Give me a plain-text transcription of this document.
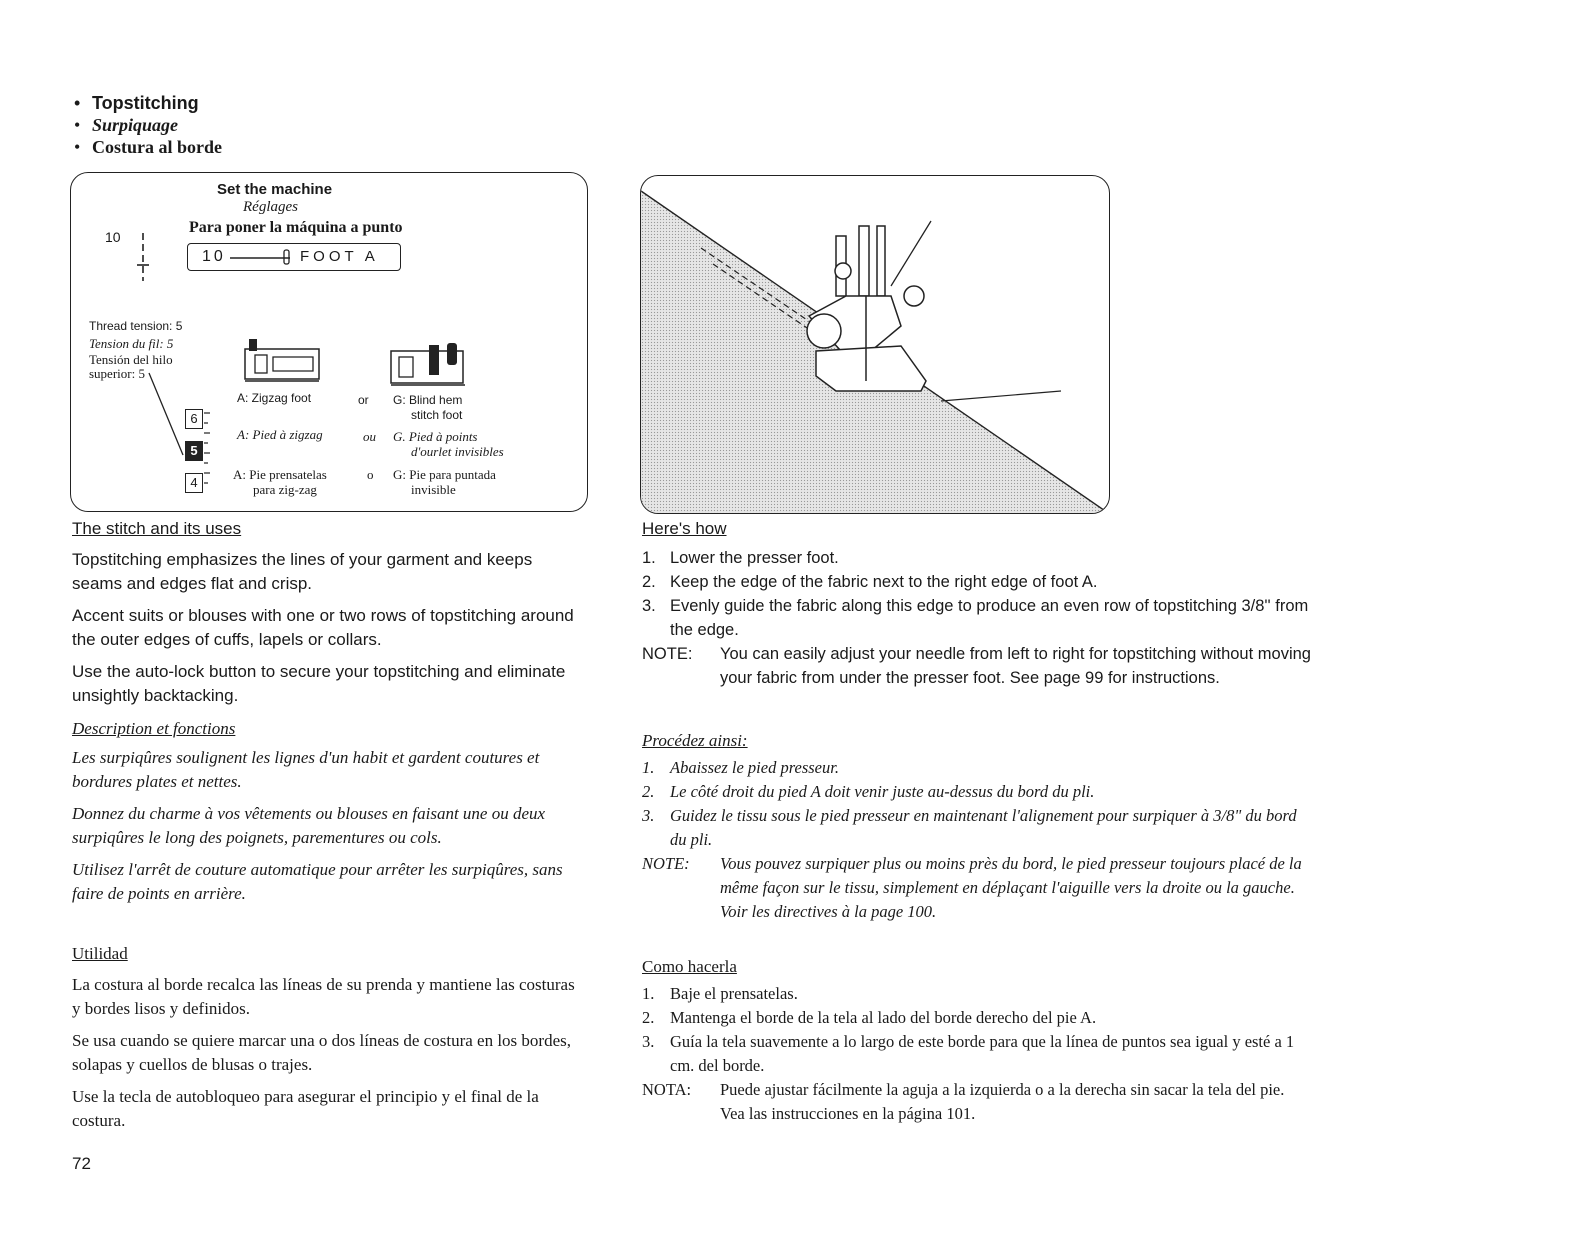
• Topstitching
• Surpiquage
• Costura al borde
Set the machine
Réglages
Para poner la máquina a punto
10
10	FOOT A
Thread tension: 5
Tension du fil: 5
Tensión del hilo
superior: 5
6
5
4
A: Zigzag foot	or G: Blind hem
stitch foot
A: Pied à zigzag	ou G. Pied à points
d'ourlet invisibles
A: Pie prensatelas
para zig-zag
o G: Pie para puntada
invisible
The stitch and its uses

Topstitching emphasizes the lines of your garment and keeps seams and edges flat and crisp.

Accent suits or blouses with one or two rows of topstitching around the outer edges of cuffs, lapels or collars.

Use the auto-lock button to secure your topstitching and eliminate unsightly backtacking.

Description et fonctions

Les surpiqûres soulignent les lignes d'un habit et gardent coutures et bordures plates et nettes.

Donnez du charme à vos vêtements ou blouses en faisant une ou deux surpiqûres le long des poignets, parementures ou cols.

Utilisez l'arrêt de couture automatique pour arrêter les surpiqûres, sans faire de points en arrière.

Utilidad

La costura al borde recalca las líneas de su prenda y mantiene las costuras y bordes lisos y definidos.

Se usa cuando se quiere marcar una o dos líneas de costura en los bordes, solapas y cuellos de blusas o trajes.

Use la tecla de autobloqueo para asegurar el principio y el final de la costura.

Here's how
1. Lower the presser foot.
2. Keep the edge of the fabric next to the right edge of foot A.
3. Evenly guide the fabric along this edge to produce an even row of topstitching 3/8'' from the edge.
NOTE:	You can easily adjust your needle from left to right for topstitching without moving your fabric from under the presser foot. See page 99 for instructions.
Procédez ainsi:
1. Abaissez le pied presseur.
2. Le côté droit du pied A doit venir juste au-dessus du bord du pli.
3. Guidez le tissu sous le pied presseur en maintenant l'alignement pour surpiquer à 3/8" du bord du pli.
NOTE:	Vous pouvez surpiquer plus ou moins près du bord, le pied presseur toujours placé de la même façon sur le tissu, simplement en déplaçant l'aiguille vers la droite ou la gauche. Voir les directives à la page 100.
Como hacerla
1. Baje el prensatelas.
2. Mantenga el borde de la tela al lado del borde derecho del pie A.
3. Guía la tela suavemente a lo largo de este borde para que la línea de puntos sea igual y esté a 1 cm. del borde.
NOTA:	Puede ajustar fácilmente la aguja a la izquierda o a la derecha sin sacar la tela del pie. Vea las instrucciones en la página 101.
72
